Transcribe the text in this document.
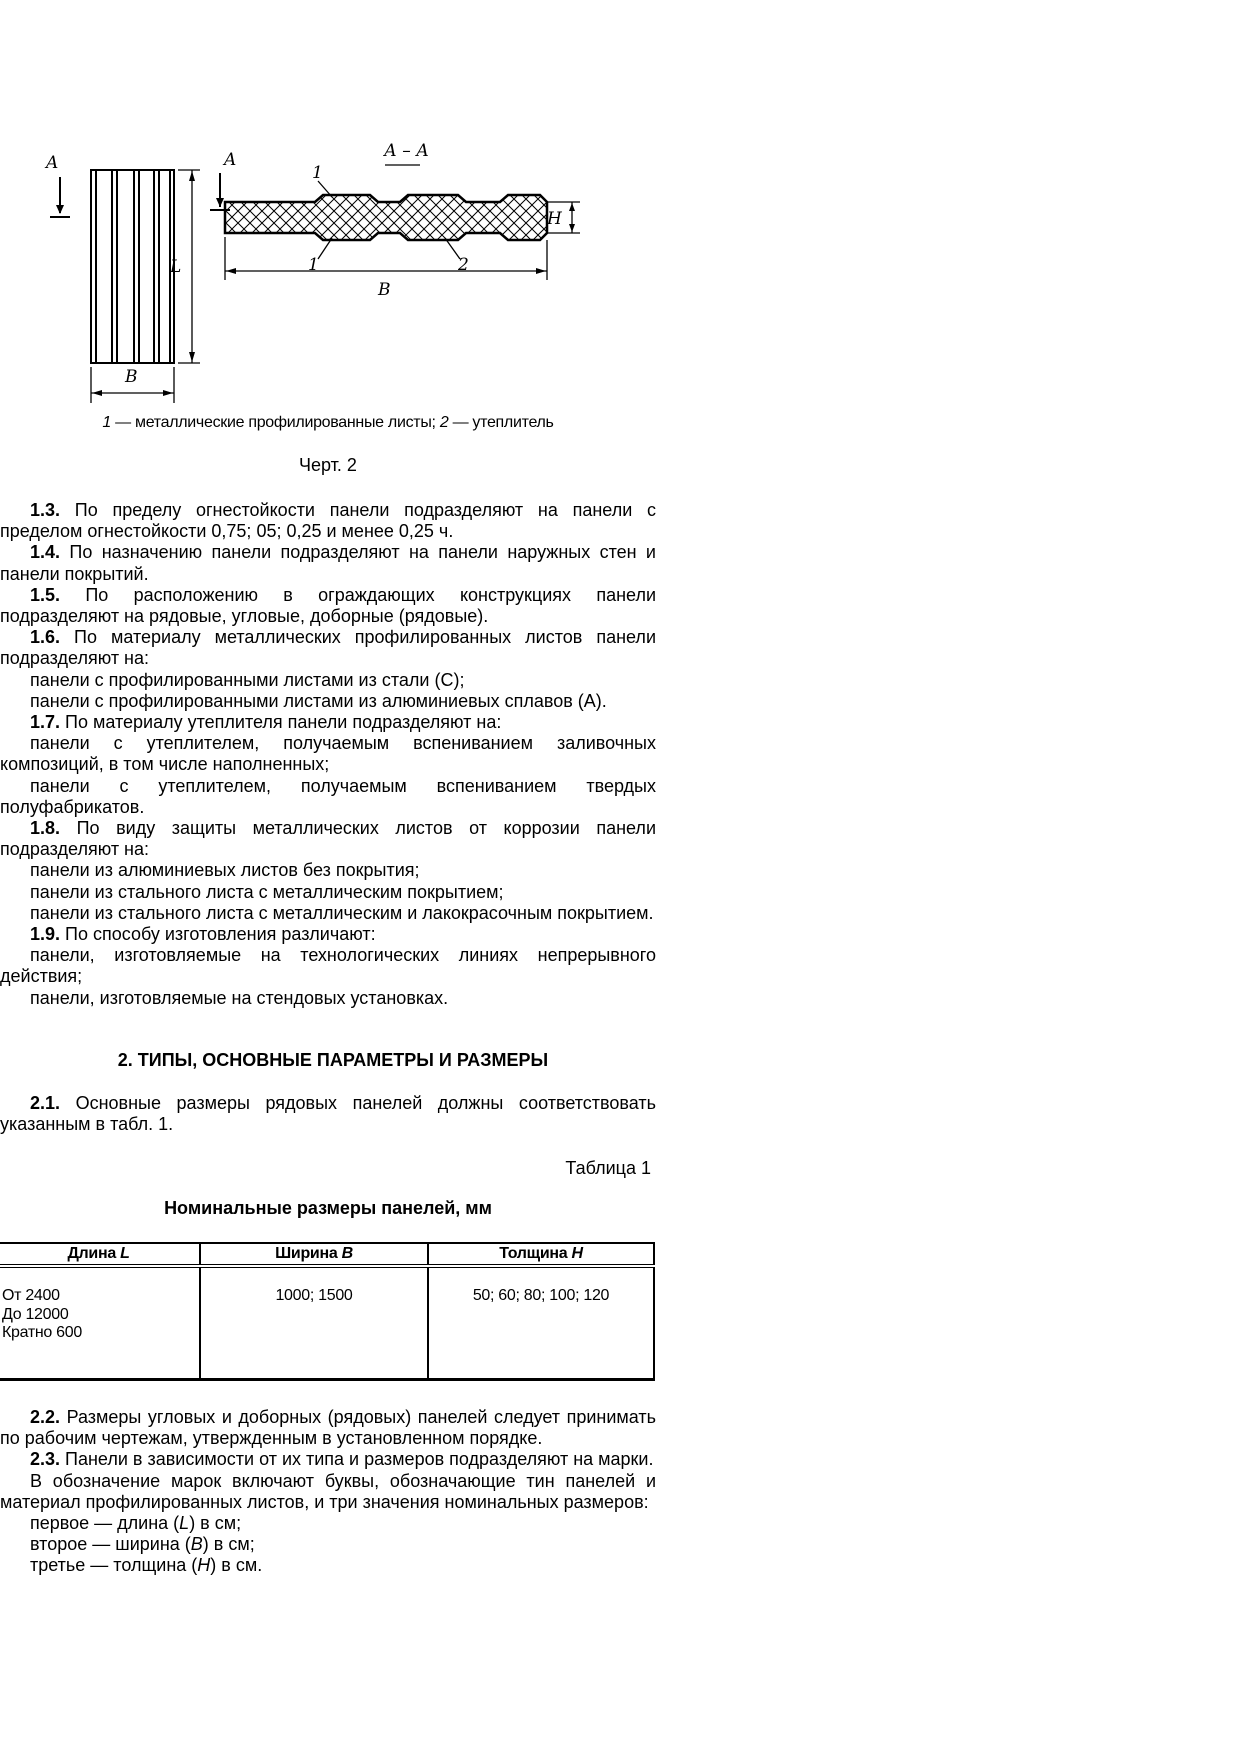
A	A	А – А
L
B
1
1	2
B
H
1 — металлические профилированные листы; 2 — утеплитель
Черт. 2

1.3. По пределу огнестойкости панели подразделяют на панели с пределом огнестойкости 0,75; 05; 0,25 и менее 0,25 ч.

1.4. По назначению панели подразделяют на панели наружных стен и панели покрытий.

1.5. По расположению в ограждающих конструкциях панели подразделяют на рядовые, угловые, доборные (рядовые).

1.6. По материалу металлических профилированных листов панели подразделяют на:

панели с профилированными листами из стали (С);

панели с профилированными листами из алюминиевых сплавов (А).

1.7. По материалу утеплителя панели подразделяют на:

панели с утеплителем, получаемым вспениванием заливочных композиций, в том числе наполненных;

панели с утеплителем, получаемым вспениванием твердых полуфабрикатов.

1.8. По виду защиты металлических листов от коррозии панели подразделяют на:

панели из алюминиевых листов без покрытия;

панели из стального листа с металлическим покрытием;

панели из стального листа с металлическим и лакокрасочным покрытием.

1.9. По способу изготовления различают:

панели, изготовляемые на технологических линиях непрерывного действия;

панели, изготовляемые на стендовых установках.

2. ТИПЫ, ОСНОВНЫЕ ПАРАМЕТРЫ И РАЗМЕРЫ

2.1. Основные размеры рядовых панелей должны соответствовать указанным в табл. 1.

Таблица 1
Номинальные размеры панелей, мм
Длина L	Ширина B	Толщина H

От 2400
До 12000
Кратно 600	1000; 1500	50; 60; 80; 100; 120

2.2. Размеры угловых и доборных (рядовых) панелей следует принимать по рабочим чертежам, утвержденным в установленном порядке.

2.3. Панели в зависимости от их типа и размеров подразделяют на марки.

В обозначение марок включают буквы, обозначающие тин панелей и материал профилированных листов, и три значения номинальных размеров:

первое — длина (L) в см;

второе — ширина (B) в см;

третье — толщина (H) в см.
